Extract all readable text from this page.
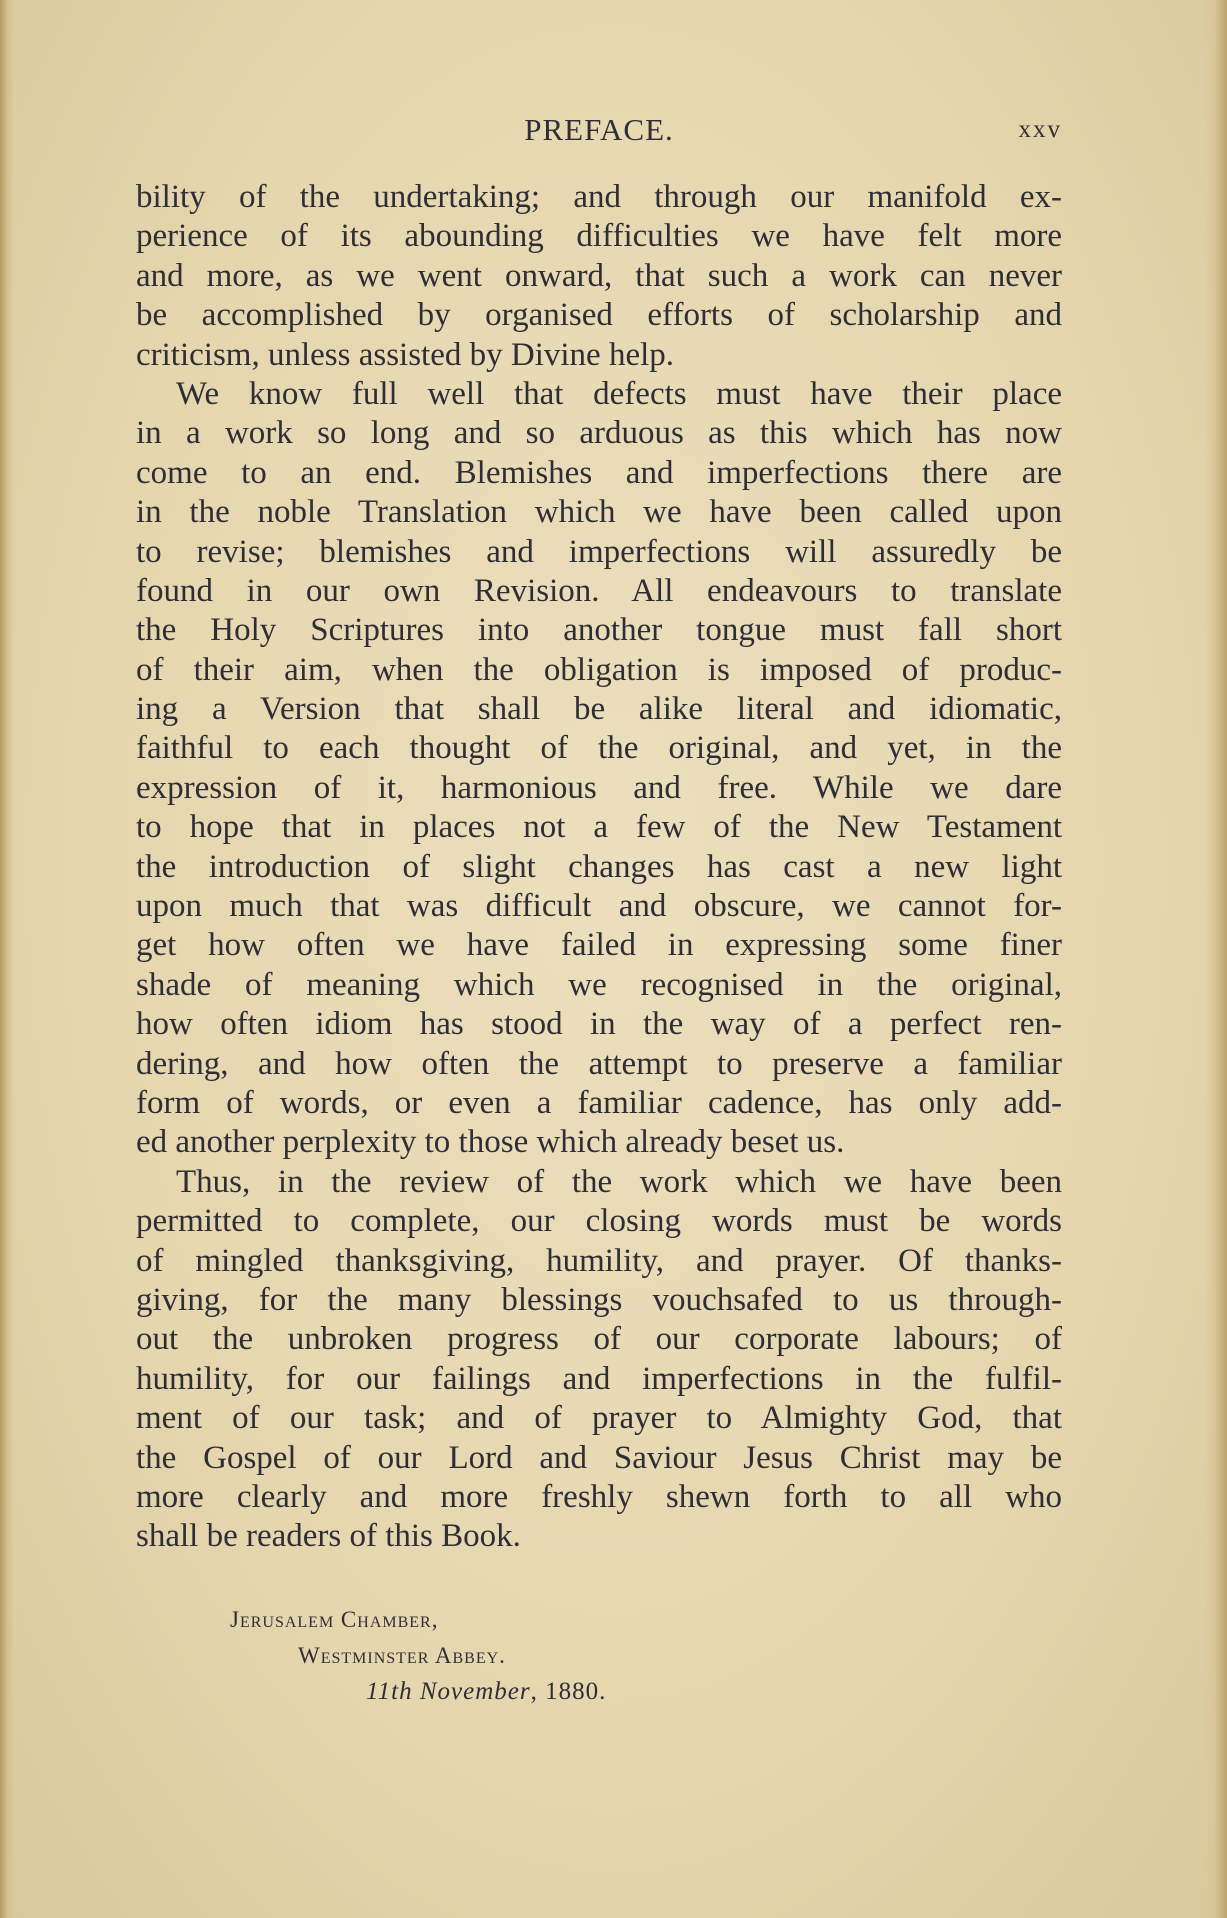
PREFACE.	xxv
bility of the undertaking; and through our manifold ex-
perience of its abounding difficulties we have felt more
and more, as we went onward, that such a work can never
be accomplished by organised efforts of scholarship and
criticism, unless assisted by Divine help.
We know full well that defects must have their place
in a work so long and so arduous as this which has now
come to an end. Blemishes and imperfections there are
in the noble Translation which we have been called upon
to revise; blemishes and imperfections will assuredly be
found in our own Revision. All endeavours to translate
the Holy Scriptures into another tongue must fall short
of their aim, when the obligation is imposed of produc-
ing a Version that shall be alike literal and idiomatic,
faithful to each thought of the original, and yet, in the
expression of it, harmonious and free. While we dare
to hope that in places not a few of the New Testament
the introduction of slight changes has cast a new light
upon much that was difficult and obscure, we cannot for-
get how often we have failed in expressing some finer
shade of meaning which we recognised in the original,
how often idiom has stood in the way of a perfect ren-
dering, and how often the attempt to preserve a familiar
form of words, or even a familiar cadence, has only add-
ed another perplexity to those which already beset us.
Thus, in the review of the work which we have been
permitted to complete, our closing words must be words
of mingled thanksgiving, humility, and prayer. Of thanks-
giving, for the many blessings vouchsafed to us through-
out the unbroken progress of our corporate labours; of
humility, for our failings and imperfections in the fulfil-
ment of our task; and of prayer to Almighty God, that
the Gospel of our Lord and Saviour Jesus Christ may be
more clearly and more freshly shewn forth to all who
shall be readers of this Book.
Jerusalem Chamber,
Westminster Abbey.
11th November, 1880.
